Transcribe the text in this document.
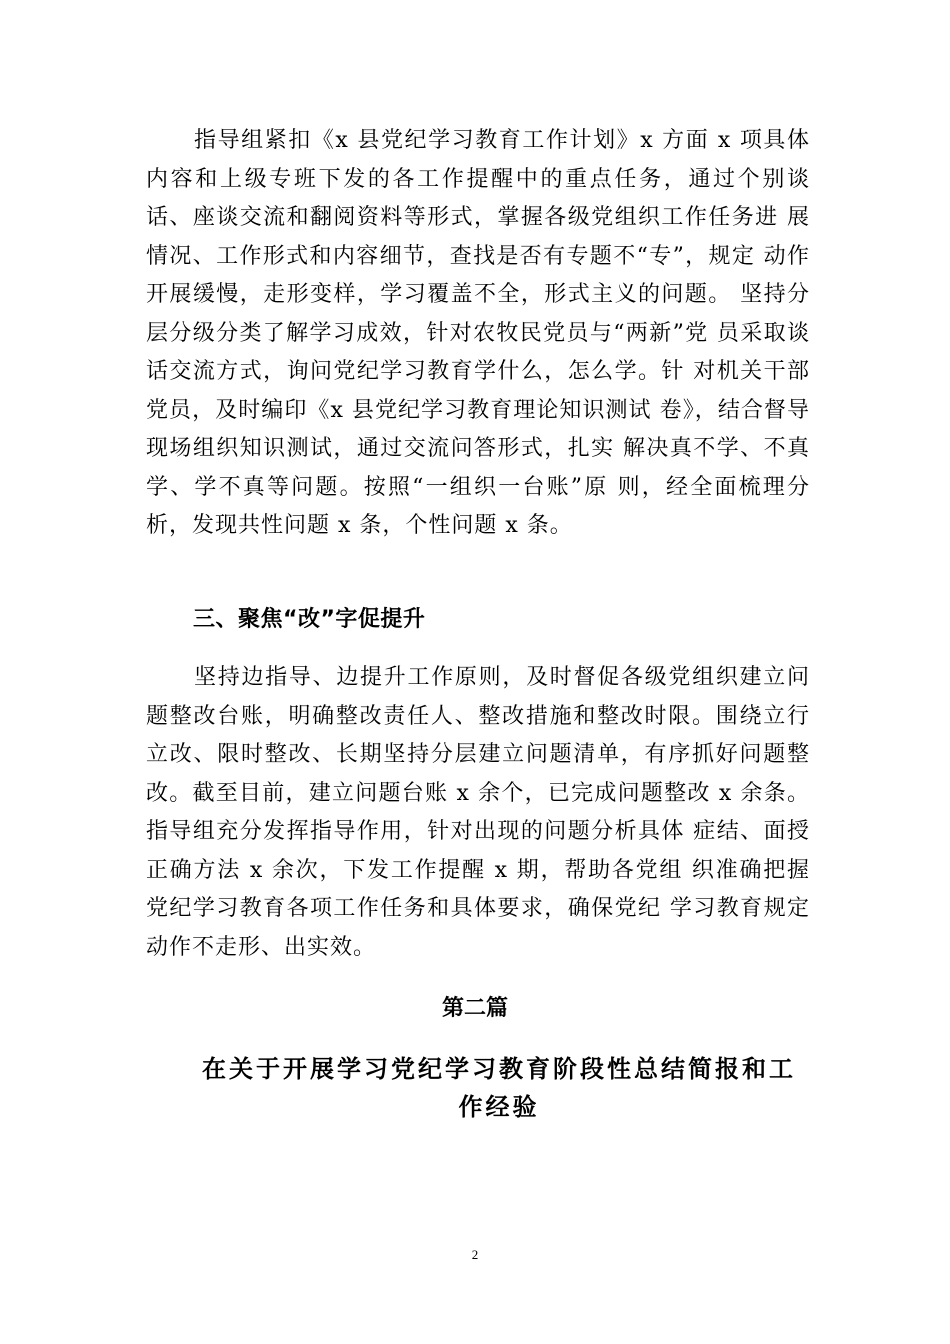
指导组紧扣《x 县党纪学习教育工作计划》x 方面 x 项具体 内容和上级专班下发的各工作提醒中的重点任务，通过个别谈 话、座谈交流和翻阅资料等形式，掌握各级党组织工作任务进 展情况、工作形式和内容细节，查找是否有专题不“专”，规定 动作开展缓慢，走形变样，学习覆盖不全，形式主义的问题。 坚持分层分级分类了解学习成效，针对农牧民党员与“两新”党 员采取谈话交流方式，询问党纪学习教育学什么，怎么学。针 对机关干部党员，及时编印《x 县党纪学习教育理论知识测试 卷》，结合督导现场组织知识测试，通过交流问答形式，扎实 解决真不学、不真学、学不真等问题。按照“一组织一台账”原 则，经全面梳理分析，发现共性问题 x 条，个性问题 x 条。

三、聚焦“改”字促提升

坚持边指导、边提升工作原则，及时督促各级党组织建立问题整改台账，明确整改责任人、整改措施和整改时限。围绕立行立改、限时整改、长期坚持分层建立问题清单，有序抓好问题整改。截至目前，建立问题台账 x 余个，已完成问题整改 x 余条。指导组充分发挥指导作用，针对出现的问题分析具体 症结、面授正确方法 x 余次，下发工作提醒 x 期，帮助各党组 织准确把握党纪学习教育各项工作任务和具体要求，确保党纪 学习教育规定动作不走形、出实效。

第二篇
在关于开展学习党纪学习教育阶段性总结简报和工作经验
2
